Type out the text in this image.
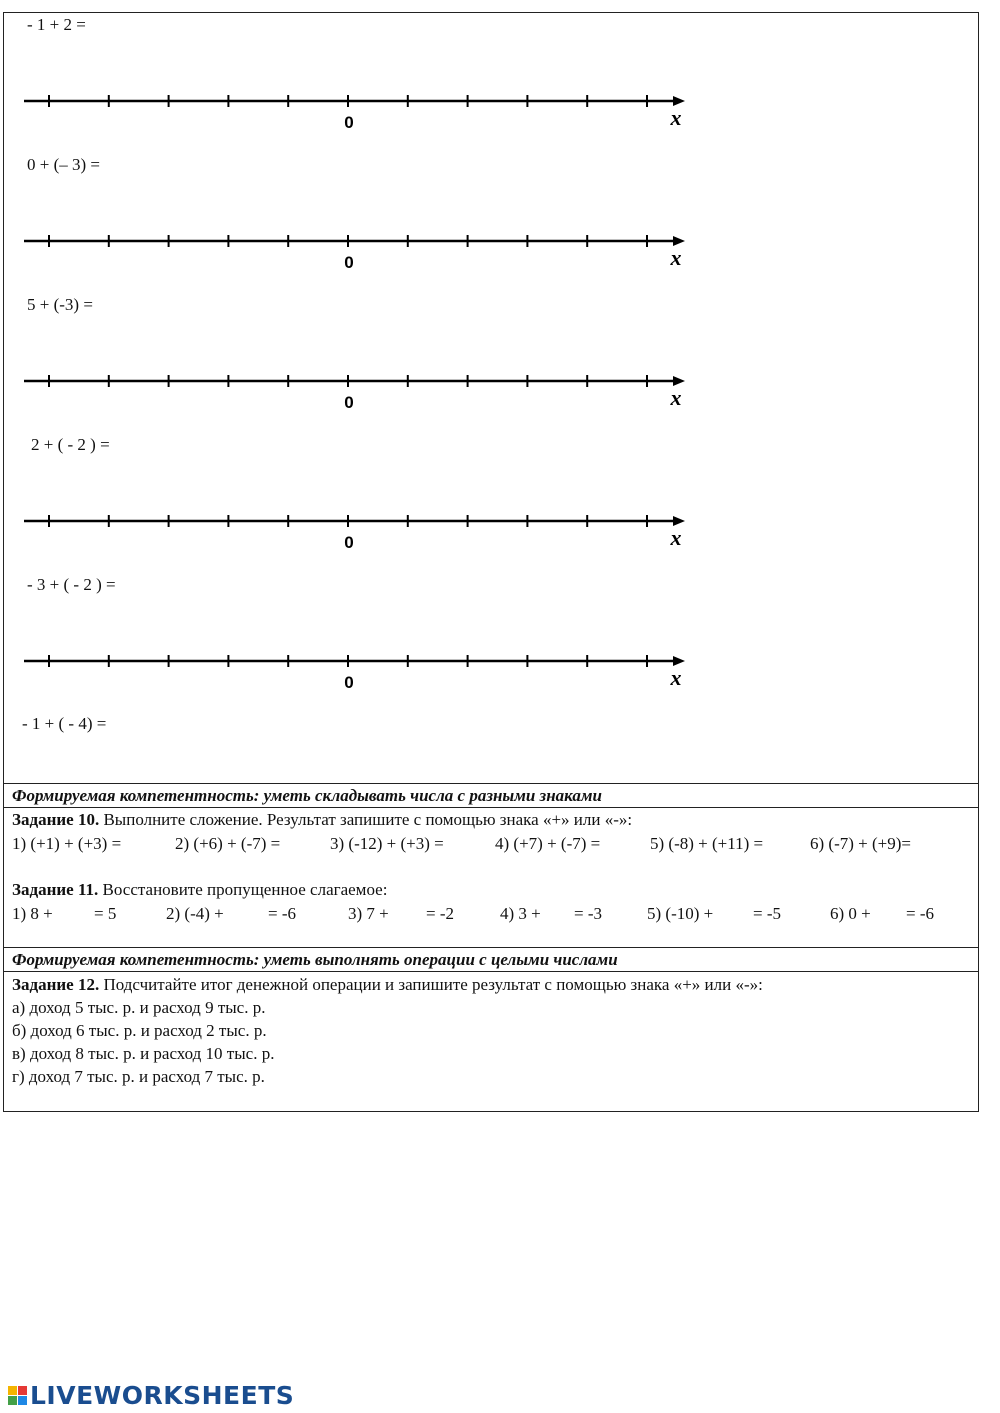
- 1 + 2 =
0	x
0 + (– 3) =
0	x
5 + (-3) =
0	x
2 + ( - 2 ) =
0	x
- 3 + ( - 2 ) =
0	x
- 1 + ( - 4) =
Формируемая компетентность: уметь складывать числа с разными знаками
Задание 10. Выполните сложение. Результат запишите с помощью знака «+» или «-»:
1) (+1) + (+3) =	2) (+6) + (-7) =	3) (-12) + (+3) =	4) (+7) + (-7) =	5) (-8) + (+11) =	6) (-7) + (+9)=
Задание 11. Восстановите пропущенное слагаемое:
1) 8 + = 5	2) (-4) +	= -6	3) 7 + = -2	4) 3 + = -3	5) (-10) + = -5	6) 0 + = -6
Формируемая компетентность: уметь выполнять операции с целыми числами
Задание 12. Подсчитайте итог денежной операции и запишите результат с помощью знака «+» или «-»:
а) доход 5 тыс. р. и расход 9 тыс. р.
б) доход 6 тыс. р. и расход 2 тыс. р.
в) доход 8 тыс. р. и расход 10 тыс. р.
г) доход 7 тыс. р. и расход 7 тыс. р.
LIVEWORKSHEETS
